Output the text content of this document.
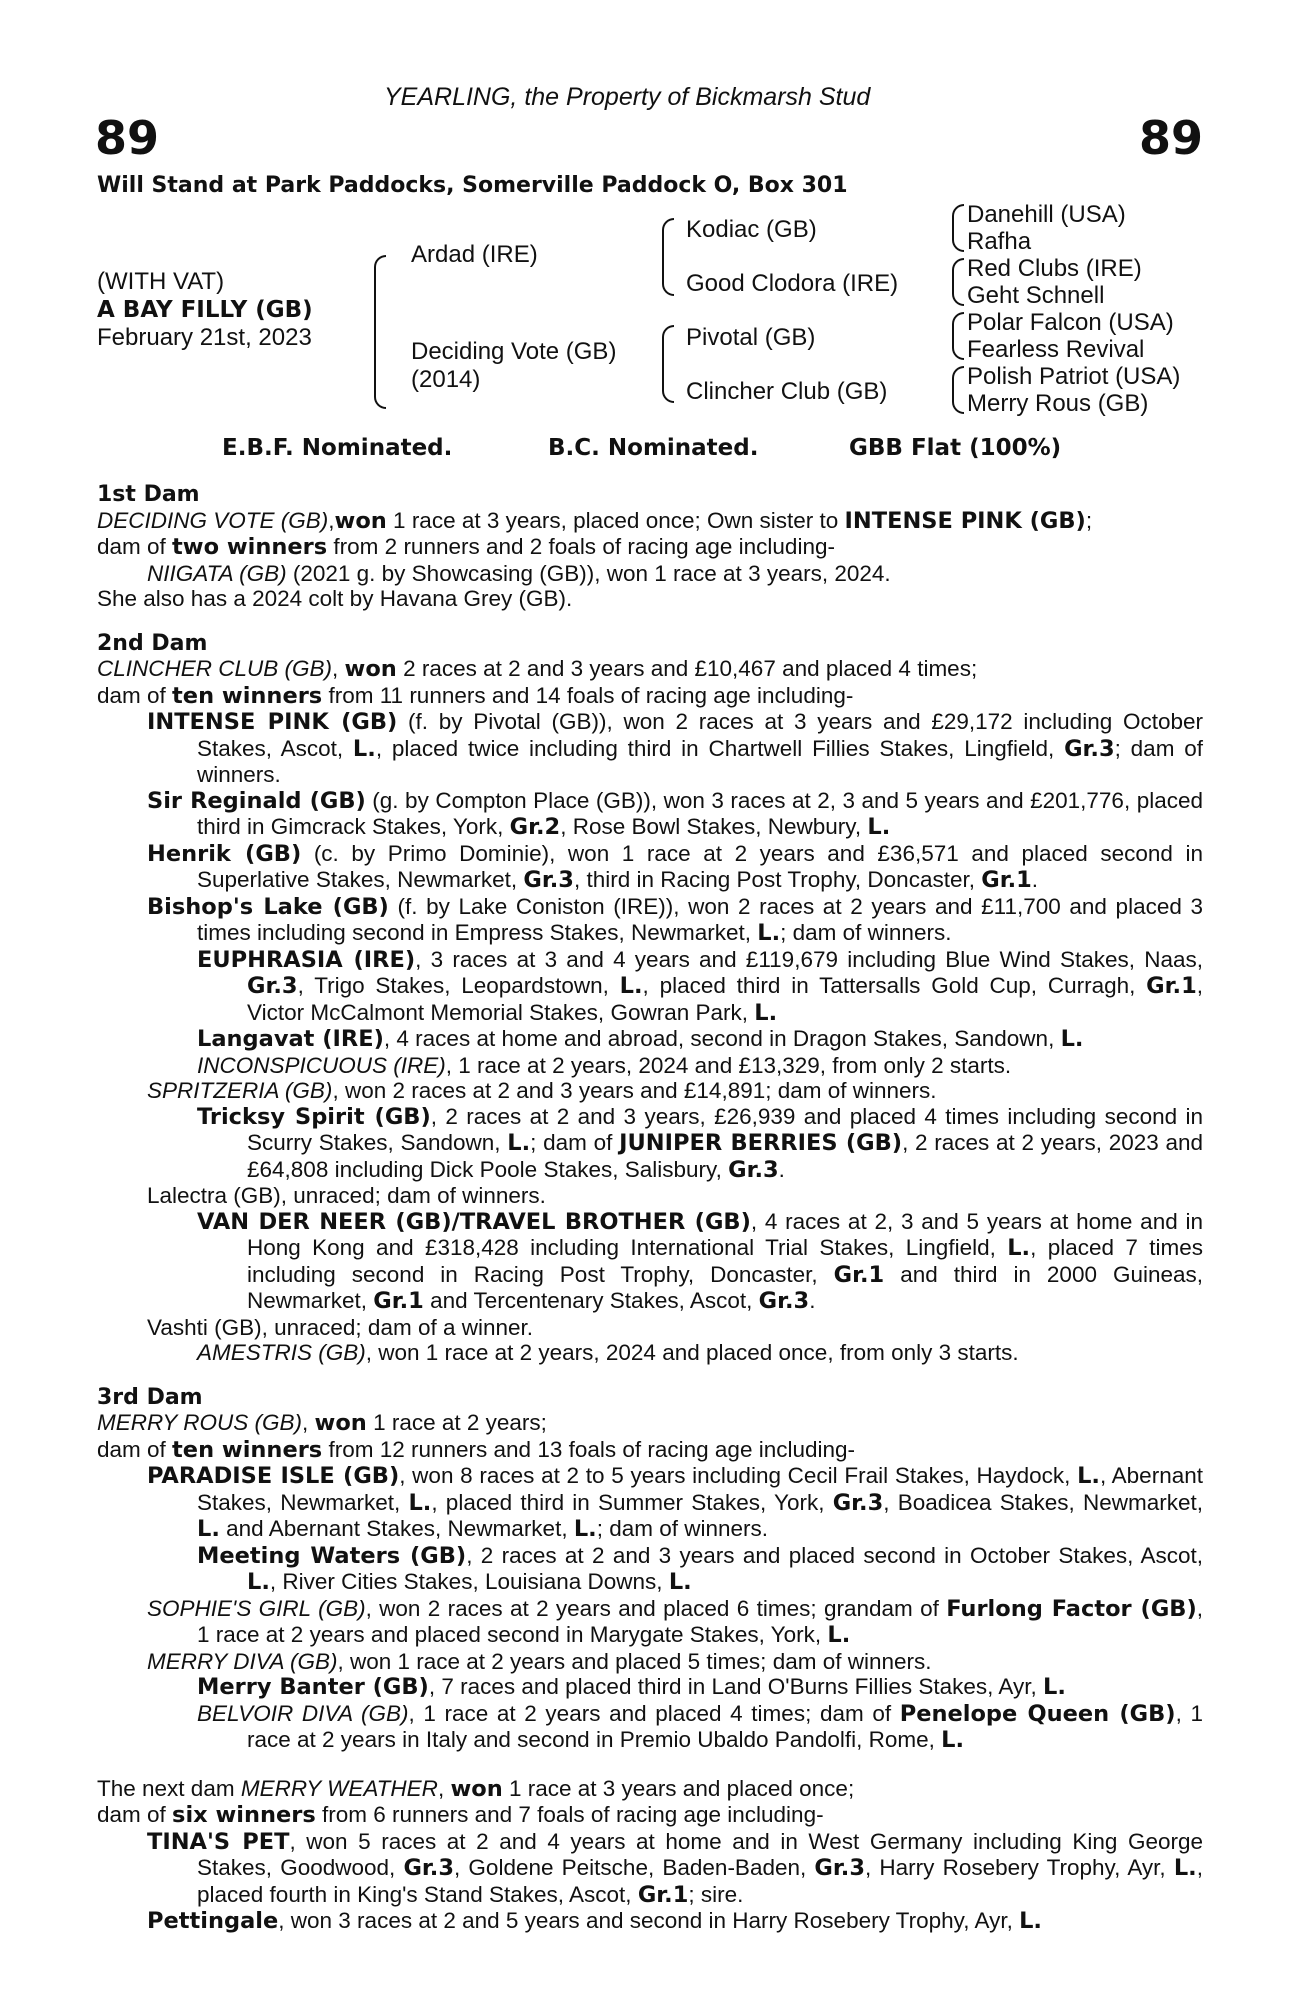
YEARLING, the Property of Bickmarsh Stud
89	89
Will Stand at Park Paddocks, Somerville Paddock O, Box 301
(WITH VAT)
A BAY FILLY (GB)
February 21st, 2023
Ardad (IRE)
Deciding Vote (GB)
(2014)
Kodiac (GB)
Good Clodora (IRE)
Pivotal (GB)
Clincher Club (GB)
Danehill (USA)
Rafha
Red Clubs (IRE)
Geht Schnell
Polar Falcon (USA)
Fearless Revival
Polish Patriot (USA)
Merry Rous (GB)
E.B.F. Nominated.	B.C. Nominated.	GBB Flat (100%)
1st Dam
DECIDING VOTE (GB),won 1 race at 3 years, placed once; Own sister to INTENSE PINK (GB);
dam of two winners from 2 runners and 2 foals of racing age including-
NIIGATA (GB) (2021 g. by Showcasing (GB)), won 1 race at 3 years, 2024.
She also has a 2024 colt by Havana Grey (GB).
2nd Dam
CLINCHER CLUB (GB), won 2 races at 2 and 3 years and £10,467 and placed 4 times;
dam of ten winners from 11 runners and 14 foals of racing age including-
INTENSE PINK (GB) (f. by Pivotal (GB)), won 2 races at 3 years and £29,172 including October Stakes, Ascot, L., placed twice including third in Chartwell Fillies Stakes, Lingfield, Gr.3; dam of winners.
Sir Reginald (GB) (g. by Compton Place (GB)), won 3 races at 2, 3 and 5 years and £201,776, placed third in Gimcrack Stakes, York, Gr.2, Rose Bowl Stakes, Newbury, L.
Henrik (GB) (c. by Primo Dominie), won 1 race at 2 years and £36,571 and placed second in Superlative Stakes, Newmarket, Gr.3, third in Racing Post Trophy, Doncaster, Gr.1.
Bishop's Lake (GB) (f. by Lake Coniston (IRE)), won 2 races at 2 years and £11,700 and placed 3 times including second in Empress Stakes, Newmarket, L.; dam of winners.
EUPHRASIA (IRE), 3 races at 3 and 4 years and £119,679 including Blue Wind Stakes, Naas, Gr.3, Trigo Stakes, Leopardstown, L., placed third in Tattersalls Gold Cup, Curragh, Gr.1, Victor McCalmont Memorial Stakes, Gowran Park, L.
Langavat (IRE), 4 races at home and abroad, second in Dragon Stakes, Sandown, L.
INCONSPICUOUS (IRE), 1 race at 2 years, 2024 and £13,329, from only 2 starts.
SPRITZERIA (GB), won 2 races at 2 and 3 years and £14,891; dam of winners.
Tricksy Spirit (GB), 2 races at 2 and 3 years, £26,939 and placed 4 times including second in Scurry Stakes, Sandown, L.; dam of JUNIPER BERRIES (GB), 2 races at 2 years, 2023 and £64,808 including Dick Poole Stakes, Salisbury, Gr.3.
Lalectra (GB), unraced; dam of winners.
VAN DER NEER (GB)/TRAVEL BROTHER (GB), 4 races at 2, 3 and 5 years at home and in Hong Kong and £318,428 including International Trial Stakes, Lingfield, L., placed 7 times including second in Racing Post Trophy, Doncaster, Gr.1 and third in 2000 Guineas, Newmarket, Gr.1 and Tercentenary Stakes, Ascot, Gr.3.
Vashti (GB), unraced; dam of a winner.
AMESTRIS (GB), won 1 race at 2 years, 2024 and placed once, from only 3 starts.
3rd Dam
MERRY ROUS (GB), won 1 race at 2 years;
dam of ten winners from 12 runners and 13 foals of racing age including-
PARADISE ISLE (GB), won 8 races at 2 to 5 years including Cecil Frail Stakes, Haydock, L., Abernant Stakes, Newmarket, L., placed third in Summer Stakes, York, Gr.3, Boadicea Stakes, Newmarket, L. and Abernant Stakes, Newmarket, L.; dam of winners.
Meeting Waters (GB), 2 races at 2 and 3 years and placed second in October Stakes, Ascot, L., River Cities Stakes, Louisiana Downs, L.
SOPHIE'S GIRL (GB), won 2 races at 2 years and placed 6 times; grandam of Furlong Factor (GB), 1 race at 2 years and placed second in Marygate Stakes, York, L.
MERRY DIVA (GB), won 1 race at 2 years and placed 5 times; dam of winners.
Merry Banter (GB), 7 races and placed third in Land O'Burns Fillies Stakes, Ayr, L.
BELVOIR DIVA (GB), 1 race at 2 years and placed 4 times; dam of Penelope Queen (GB), 1 race at 2 years in Italy and second in Premio Ubaldo Pandolfi, Rome, L.
The next dam MERRY WEATHER, won 1 race at 3 years and placed once;
dam of six winners from 6 runners and 7 foals of racing age including-
TINA'S PET, won 5 races at 2 and 4 years at home and in West Germany including King George Stakes, Goodwood, Gr.3, Goldene Peitsche, Baden-Baden, Gr.3, Harry Rosebery Trophy, Ayr, L., placed fourth in King's Stand Stakes, Ascot, Gr.1; sire.
Pettingale, won 3 races at 2 and 5 years and second in Harry Rosebery Trophy, Ayr, L.
